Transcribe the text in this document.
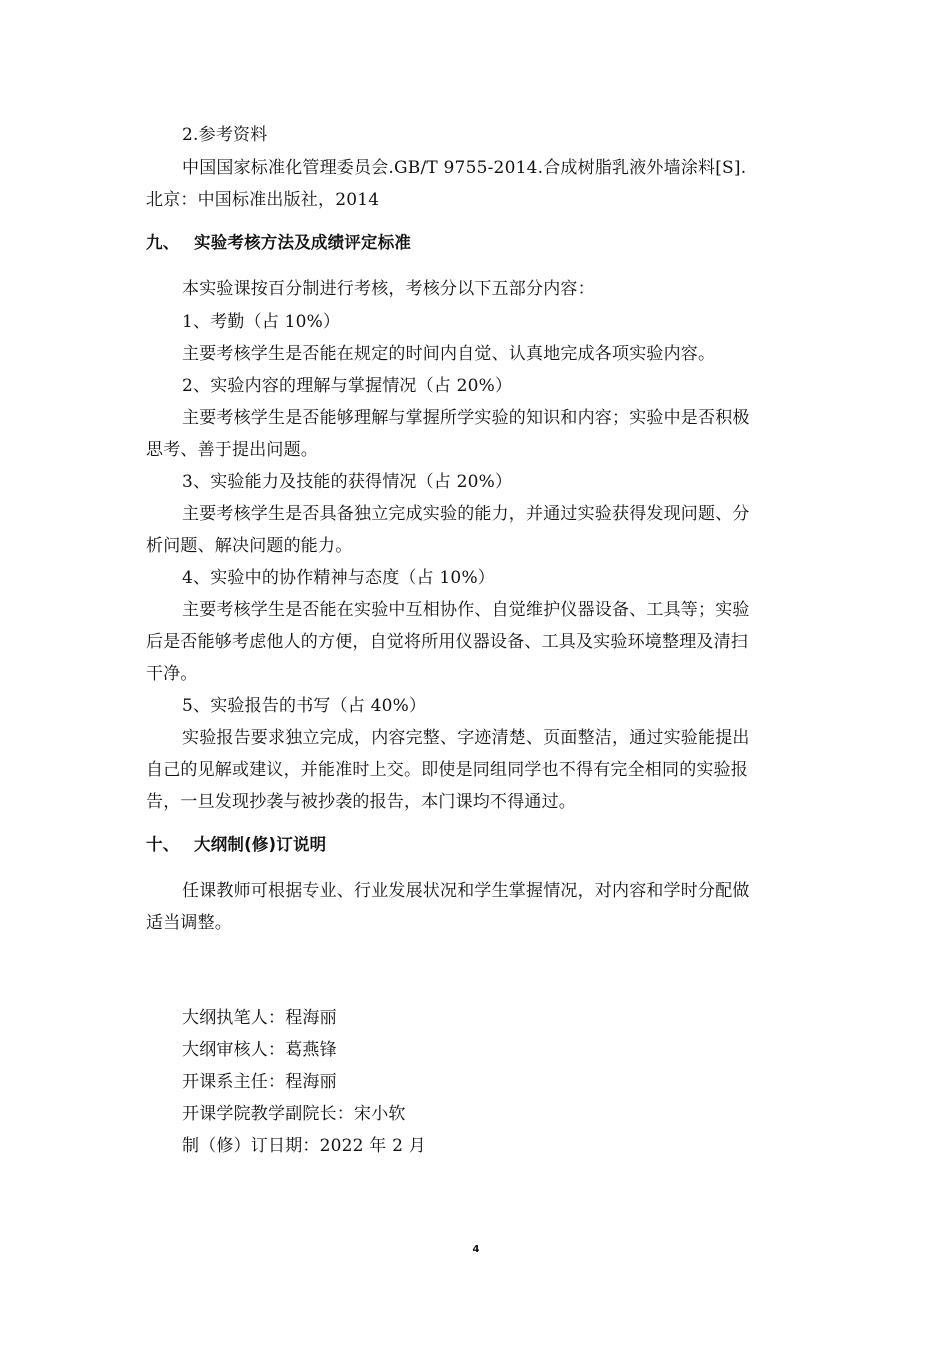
2.参考资料
中国国家标准化管理委员会.GB/T 9755-2014.合成树脂乳液外墙涂料[S].
北京：中国标准出版社，2014
九、 实验考核方法及成绩评定标准
本实验课按百分制进行考核，考核分以下五部分内容：
1、考勤（占 10%）
主要考核学生是否能在规定的时间内自觉、认真地完成各项实验内容。
2、实验内容的理解与掌握情况（占 20%）
主要考核学生是否能够理解与掌握所学实验的知识和内容；实验中是否积极
思考、善于提出问题。
3、实验能力及技能的获得情况（占 20%）
主要考核学生是否具备独立完成实验的能力，并通过实验获得发现问题、分
析问题、解决问题的能力。
4、实验中的协作精神与态度（占 10%）
主要考核学生是否能在实验中互相协作、自觉维护仪器设备、工具等；实验
后是否能够考虑他人的方便，自觉将所用仪器设备、工具及实验环境整理及清扫
干净。
5、实验报告的书写（占 40%）
实验报告要求独立完成，内容完整、字迹清楚、页面整洁，通过实验能提出
自己的见解或建议，并能准时上交。即使是同组同学也不得有完全相同的实验报
告，一旦发现抄袭与被抄袭的报告，本门课均不得通过。
十、 大纲制(修)订说明
任课教师可根据专业、行业发展状况和学生掌握情况，对内容和学时分配做
适当调整。
大纲执笔人：程海丽
大纲审核人：葛燕锋
开课系主任：程海丽
开课学院教学副院长：宋小软
制（修）订日期：2022 年 2 月
4
